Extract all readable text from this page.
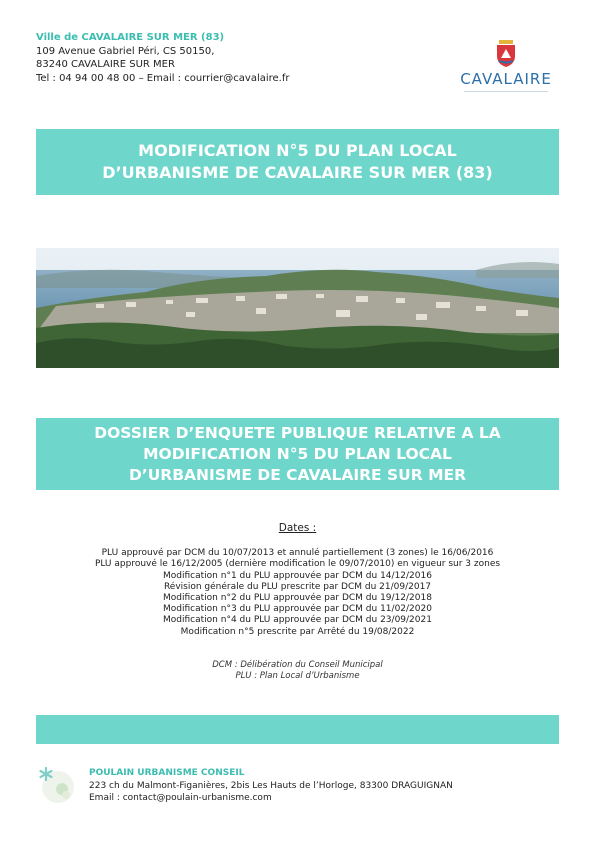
Ville de CAVALAIRE SUR MER (83)
109 Avenue Gabriel Péri, CS 50150,
83240 CAVALAIRE SUR MER
Tel : 04 94 00 48 00 – Email : courrier@cavalaire.fr	CAVALAIRE
MODIFICATION N°5 DU PLAN LOCAL
D’URBANISME DE CAVALAIRE SUR MER (83)
DOSSIER D’ENQUETE PUBLIQUE RELATIVE A LA
MODIFICATION N°5 DU PLAN LOCAL
D’URBANISME DE CAVALAIRE SUR MER
Dates :
PLU approuvé par DCM du 10/07/2013 et annulé partiellement (3 zones) le 16/06/2016
PLU approuvé le 16/12/2005 (dernière modification le 09/07/2010) en vigueur sur 3 zones
Modification n°1 du PLU approuvée par DCM du 14/12/2016
Révision générale du PLU prescrite par DCM du 21/09/2017
Modification n°2 du PLU approuvée par DCM du 19/12/2018
Modification n°3 du PLU approuvée par DCM du 11/02/2020
Modification n°4 du PLU approuvée par DCM du 23/09/2021
Modification n°5 prescrite par Arrêté du 19/08/2022
DCM : Délibération du Conseil Municipal
PLU : Plan Local d’Urbanisme
POULAIN URBANISME CONSEIL
223 ch du Malmont-Figanières, 2bis Les Hauts de l’Horloge, 83300 DRAGUIGNAN
Email : contact@poulain-urbanisme.com
